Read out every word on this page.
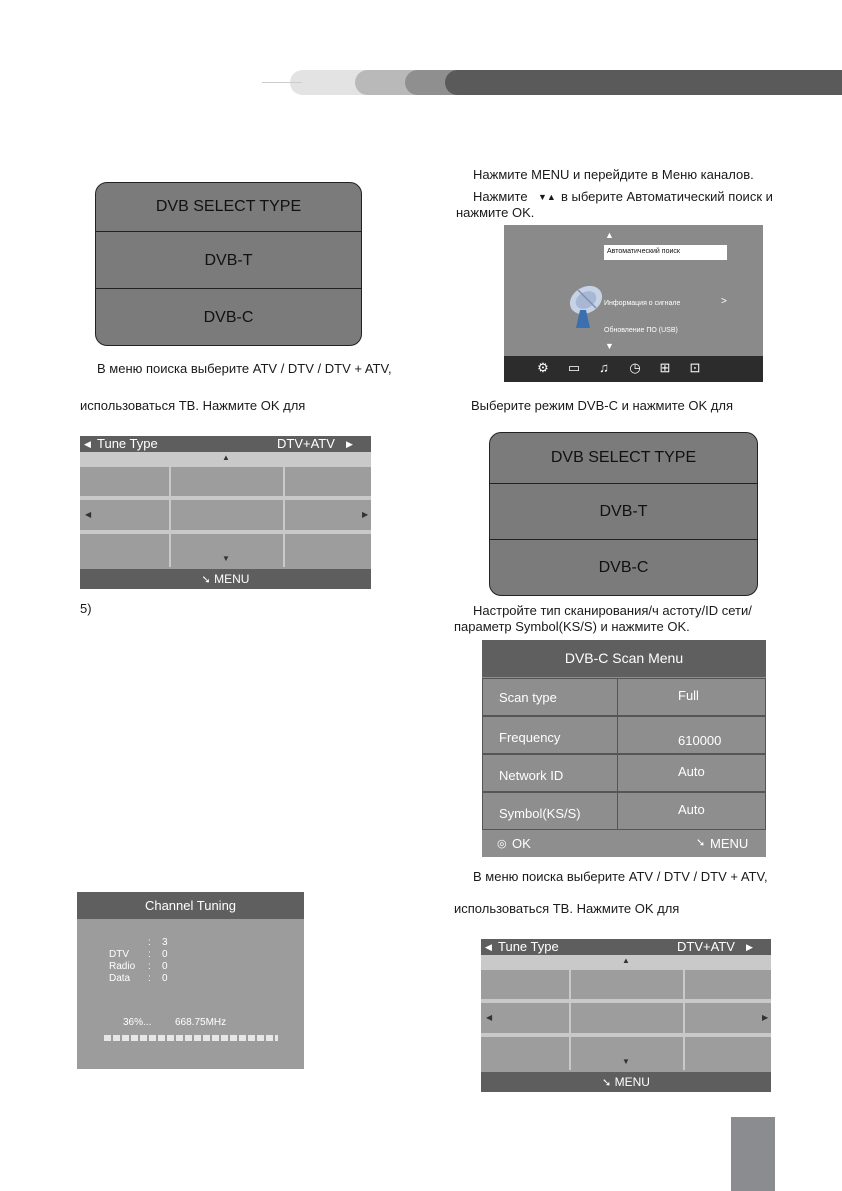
DVB SELECT TYPE
DVB-T
DVB-C
В меню поиска выберите ATV / DTV / DTV + ATV,
использоваться ТВ. Нажмите OK для
◀ Tune Type	DTV+ATV ▶
▲
◀	▶
▼
➘ MENU
5)
Channel Tuning
: 3
DTV : 0
Radio : 0
Data : 0
36%... 668.75MHz
Нажмите MENU и перейдите в Меню каналов.
Нажмите ▼▲ в ыберите Автоматический поиск и
нажмите OK.
▲
Автоматический поиск
Информация о сигнале	>
Обновление ПО (USB)
▼
⚙ ▭ ♫ ◷ ⊞ ⊡
Выберите режим DVB-C и нажмите OK для
DVB SELECT TYPE
DVB-T
DVB-C
Настройте тип сканирования/ч астоту/ID сети/
параметр Symbol(KS/S) и нажмите OK.
DVB-C Scan Menu
Scan type	Full
Frequency	610000
Network ID	Auto
Symbol(KS/S)	Auto
◎ OK	➘ MENU
В меню поиска выберите ATV / DTV / DTV + ATV,
использоваться ТВ. Нажмите OK для
◀ Tune Type	DTV+ATV ▶
▲
◀	▶
▼
➘ MENU
